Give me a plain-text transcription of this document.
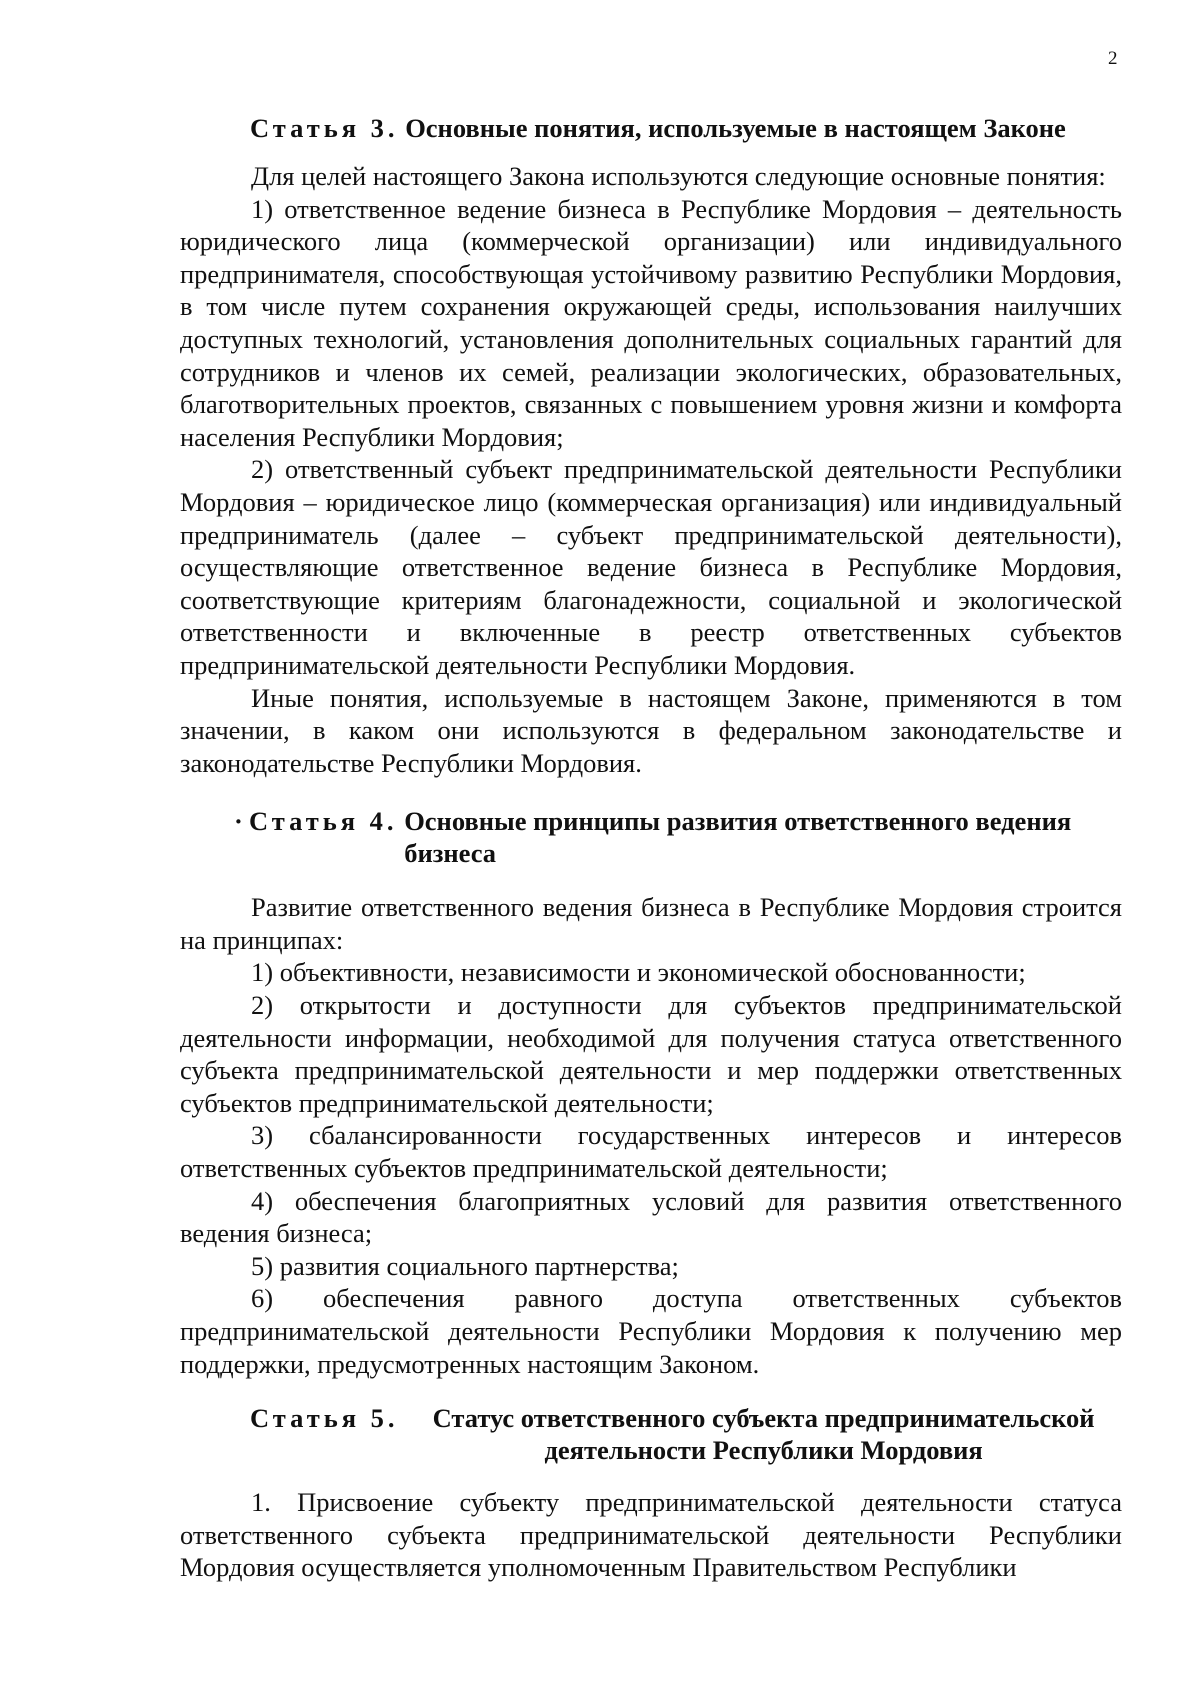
2
Статья 3.
Основные понятия, используемые в настоящем Законе

Для целей настоящего Закона используются следующие основные понятия:

1) ответственное ведение бизнеса в Республике Мордовия – деятельность юридического лица (коммерческой организации) или индивидуального предпринимателя, способствующая устойчивому развитию Республики Мордовия, в том числе путем сохранения окружающей среды, использования наилучших доступных технологий, установления дополнительных социальных гарантий для сотрудников и членов их семей, реализации экологических, образовательных, благотворительных проектов, связанных с повышением уровня жизни и комфорта населения Республики Мордовия;

2) ответственный субъект предпринимательской деятельности Республики Мордовия – юридическое лицо (коммерческая организация) или индивидуальный предприниматель (далее – субъект предпринимательской деятельности), осуществляющие ответственное ведение бизнеса в Республике Мордовия, соответствующие критериям благонадежности, социальной и экологической ответственности и включенные в реестр ответственных субъектов предпринимательской деятельности Республики Мордовия.

Иные понятия, используемые в настоящем Законе, применяются в том значении, в каком они используются в федеральном законодательстве и законодательстве Республики Мордовия.

· Статья 4.
Основные принципы развития ответственного ведения бизнеса

Развитие ответственного ведения бизнеса в Республике Мордовия строится на принципах:

1) объективности, независимости и экономической обоснованности;

2) открытости и доступности для субъектов предпринимательской деятельности информации, необходимой для получения статуса ответственного субъекта предпринимательской деятельности и мер поддержки ответственных субъектов предпринимательской деятельности;

3) сбалансированности государственных интересов и интересов ответственных субъектов предпринимательской деятельности;

4) обеспечения благоприятных условий для развития ответственного ведения бизнеса;

5) развития социального партнерства;

6) обеспечения равного доступа ответственных субъектов предпринимательской деятельности Республики Мордовия к получению мер поддержки, предусмотренных настоящим Законом.

Статья 5.
	Статус ответственного субъекта предпринимательской деятельности Республики Мордовия

1. Присвоение субъекту предпринимательской деятельности статуса ответственного субъекта предпринимательской деятельности Республики Мордовия осуществляется уполномоченным Правительством Республики
